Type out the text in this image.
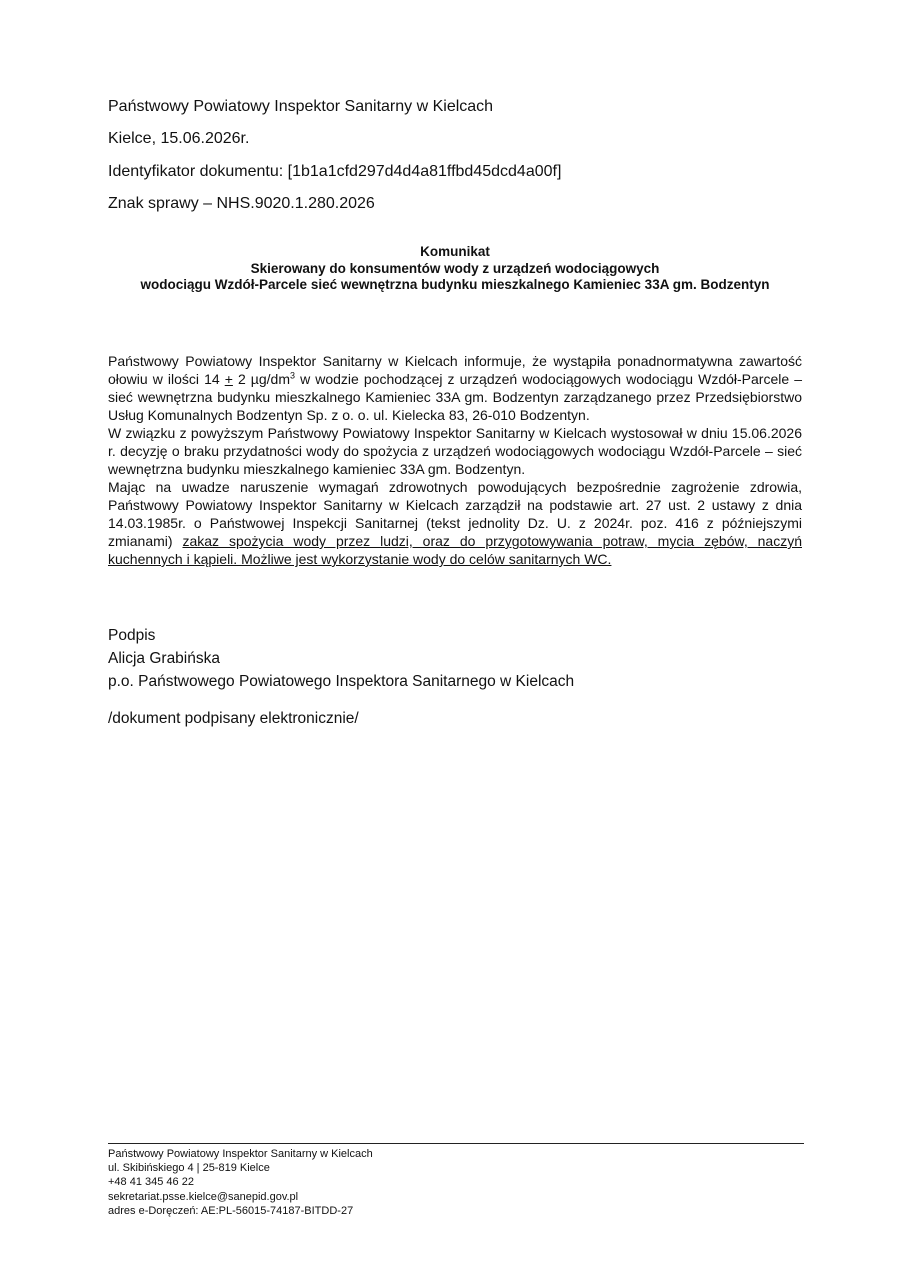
Państwowy Powiatowy Inspektor Sanitarny w Kielcach
Kielce, 15.06.2026r.
Identyfikator dokumentu: [1b1a1cfd297d4d4a81ffbd45dcd4a00f]
Znak sprawy – NHS.9020.1.280.2026
Komunikat
Skierowany do konsumentów wody z urządzeń wodociągowych
wodociągu Wzdół-Parcele sieć wewnętrzna budynku mieszkalnego Kamieniec 33A gm. Bodzentyn

Państwowy Powiatowy Inspektor Sanitarny w Kielcach informuje, że wystąpiła ponadnormatywna zawartość ołowiu w ilości 14 + 2 $\mu g/dm^3$ w wodzie pochodzącej z urządzeń wodociągowych wodociągu Wzdół-Parcele – sieć wewnętrzna budynku mieszkalnego Kamieniec 33A gm. Bodzentyn zarządzanego przez Przedsiębiorstwo Usług Komunalnych Bodzentyn Sp. z o. o. ul. Kielecka 83, 26-010 Bodzentyn.

W związku z powyższym Państwowy Powiatowy Inspektor Sanitarny w Kielcach wystosował w dniu 15.06.2026 r. decyzję o braku przydatności wody do spożycia z urządzeń wodociągowych wodociągu Wzdół-Parcele – sieć wewnętrzna budynku mieszkalnego kamieniec 33A gm. Bodzentyn.

Mając na uwadze naruszenie wymagań zdrowotnych powodujących bezpośrednie zagrożenie zdrowia, Państwowy Powiatowy Inspektor Sanitarny w Kielcach zarządził na podstawie art. 27 ust. 2 ustawy z dnia 14.03.1985r. o Państwowej Inspekcji Sanitarnej (tekst jednolity Dz. U. z 2024r. poz. 416 z późniejszymi zmianami) zakaz spożycia wody przez ludzi, oraz do przygotowywania potraw, mycia zębów, naczyń kuchennych i kąpieli. Możliwe jest wykorzystanie wody do celów sanitarnych WC.

Podpis
Alicja Grabińska
p.o. Państwowego Powiatowego Inspektora Sanitarnego w Kielcach
/dokument podpisany elektronicznie/
Państwowy Powiatowy Inspektor Sanitarny w Kielcach
ul. Skibińskiego 4 | 25-819 Kielce
+48 41 345 46 22
sekretariat.psse.kielce@sanepid.gov.pl
adres e-Doręczeń: AE:PL-56015-74187-BITDD-27
